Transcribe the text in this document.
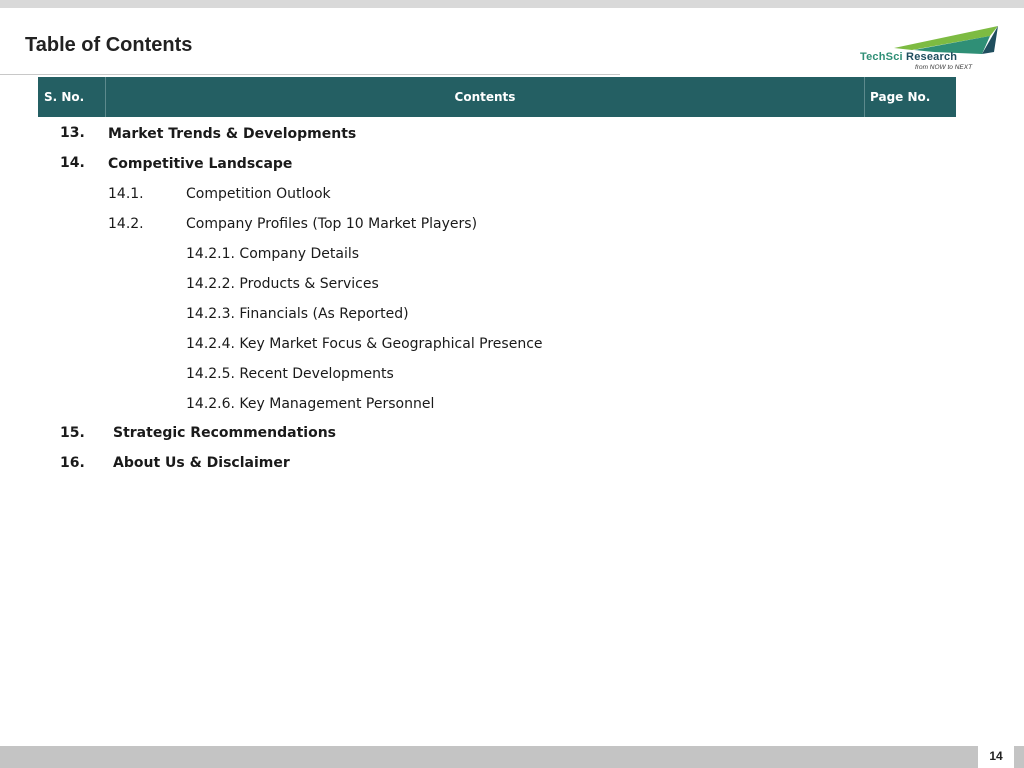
Table of Contents
TechSci Research
from NOW to NEXT
S. No.	Contents	Page No.
13. Market Trends & Developments
14. Competitive Landscape
14.1.	Competition Outlook
14.2.	Company Profiles (Top 10 Market Players)
14.2.1. Company Details
14.2.2. Products & Services
14.2.3. Financials (As Reported)
14.2.4. Key Market Focus & Geographical Presence
14.2.5. Recent Developments
14.2.6. Key Management Personnel
15. Strategic Recommendations
16. About Us & Disclaimer
14
